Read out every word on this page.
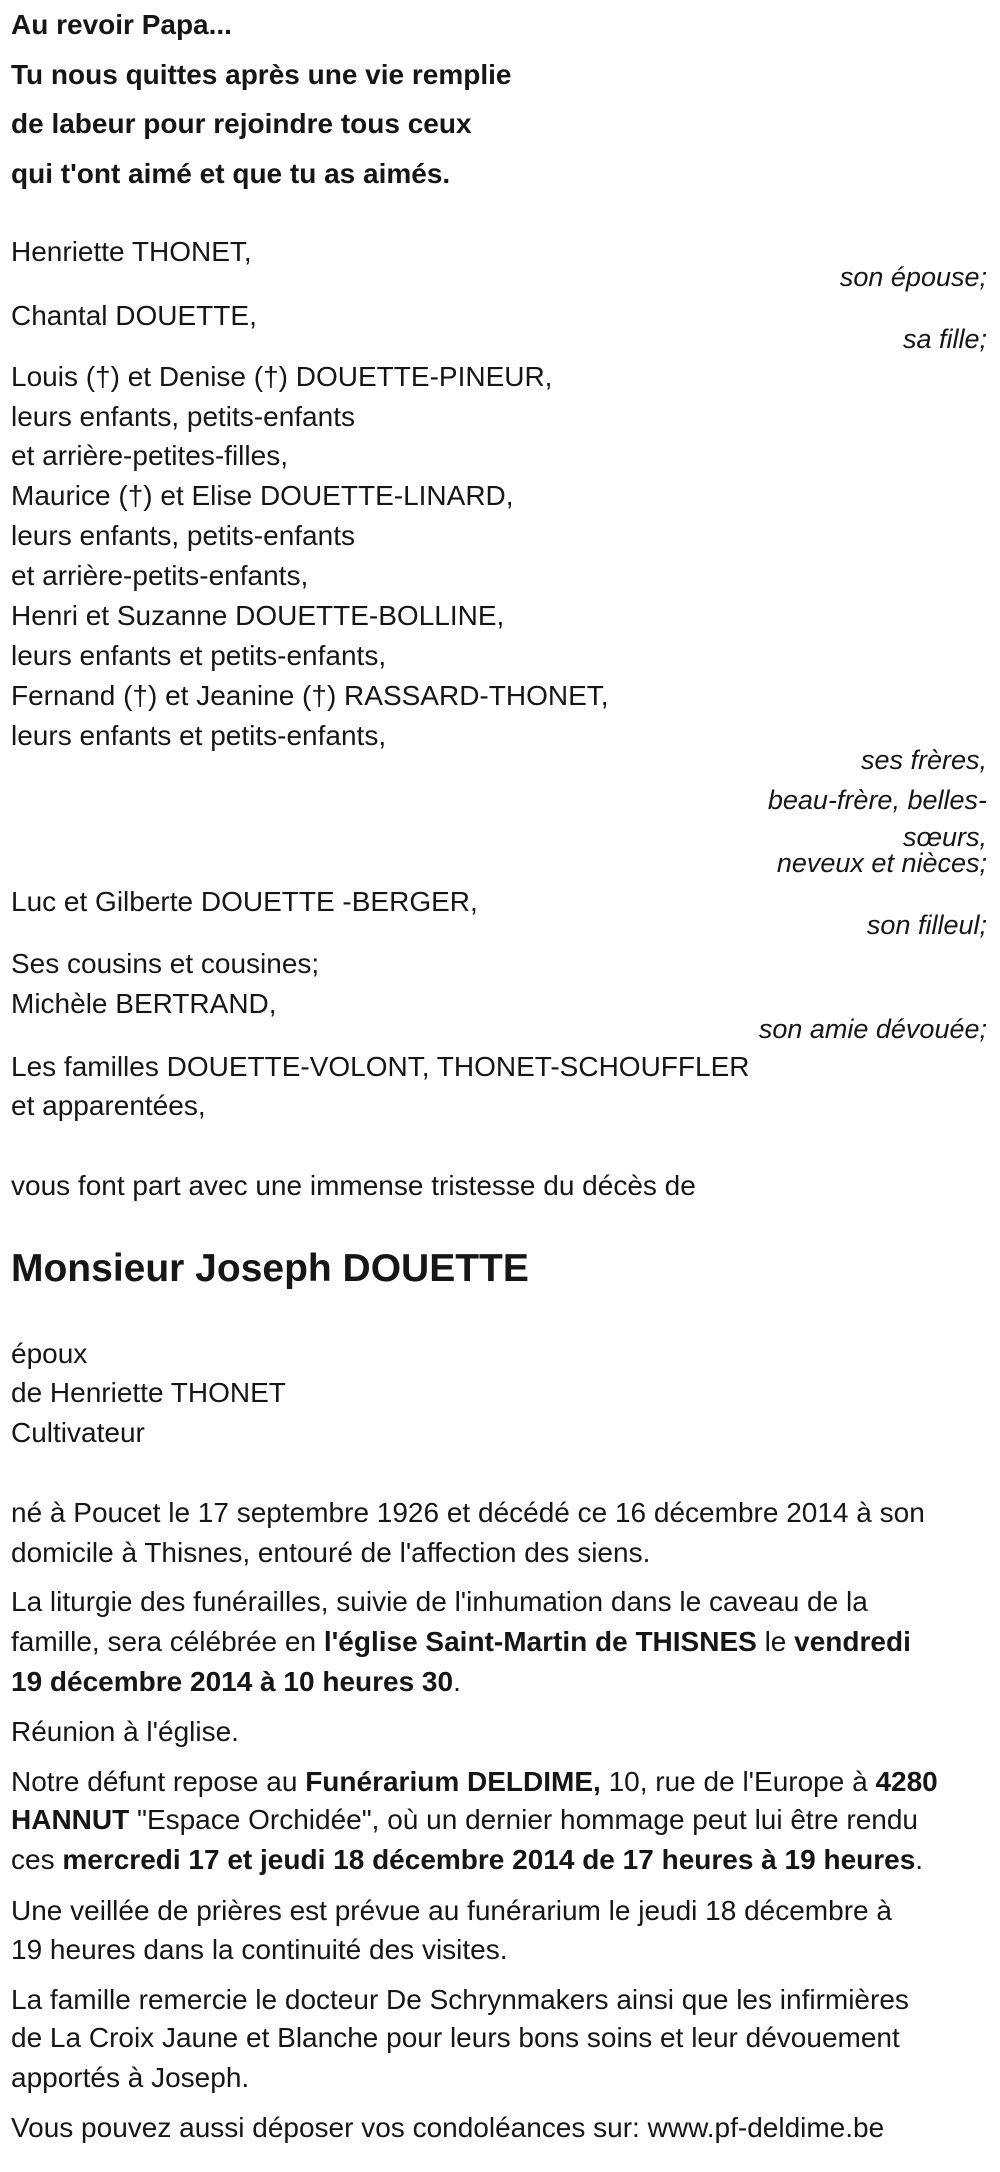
Au revoir Papa...
Tu nous quittes après une vie remplie
de labeur pour rejoindre tous ceux
qui t'ont aimé et que tu as aimés.
Henriette THONET,
son épouse;
Chantal DOUETTE,
sa fille;
Louis (†) et Denise (†) DOUETTE-PINEUR,
leurs enfants, petits-enfants
et arrière-petites-filles,
Maurice (†) et Elise DOUETTE-LINARD,
leurs enfants, petits-enfants
et arrière-petits-enfants,
Henri et Suzanne DOUETTE-BOLLINE,
leurs enfants et petits-enfants,
Fernand (†) et Jeanine (†) RASSARD-THONET,
leurs enfants et petits-enfants,
ses frères,
beau-frère, belles-
sœurs,
neveux et nièces;
Luc et Gilberte DOUETTE -BERGER,
son filleul;
Ses cousins et cousines;
Michèle BERTRAND,
son amie dévouée;
Les familles DOUETTE-VOLONT, THONET-SCHOUFFLER
et apparentées,
vous font part avec une immense tristesse du décès de
Monsieur Joseph DOUETTE
époux
de Henriette THONET
Cultivateur
né à Poucet le 17 septembre 1926 et décédé ce 16 décembre 2014 à son
domicile à Thisnes, entouré de l'affection des siens.
La liturgie des funérailles, suivie de l'inhumation dans le caveau de la
famille, sera célébrée en l'église Saint-Martin de THISNES le vendredi
19 décembre 2014 à 10 heures 30.
Réunion à l'église.
Notre défunt repose au Funérarium DELDIME, 10, rue de l'Europe à 4280
HANNUT "Espace Orchidée", où un dernier hommage peut lui être rendu
ces mercredi 17 et jeudi 18 décembre 2014 de 17 heures à 19 heures.
Une veillée de prières est prévue au funérarium le jeudi 18 décembre à
19 heures dans la continuité des visites.
La famille remercie le docteur De Schrynmakers ainsi que les infirmières
de La Croix Jaune et Blanche pour leurs bons soins et leur dévouement
apportés à Joseph.
Vous pouvez aussi déposer vos condoléances sur: www.pf-deldime.be
